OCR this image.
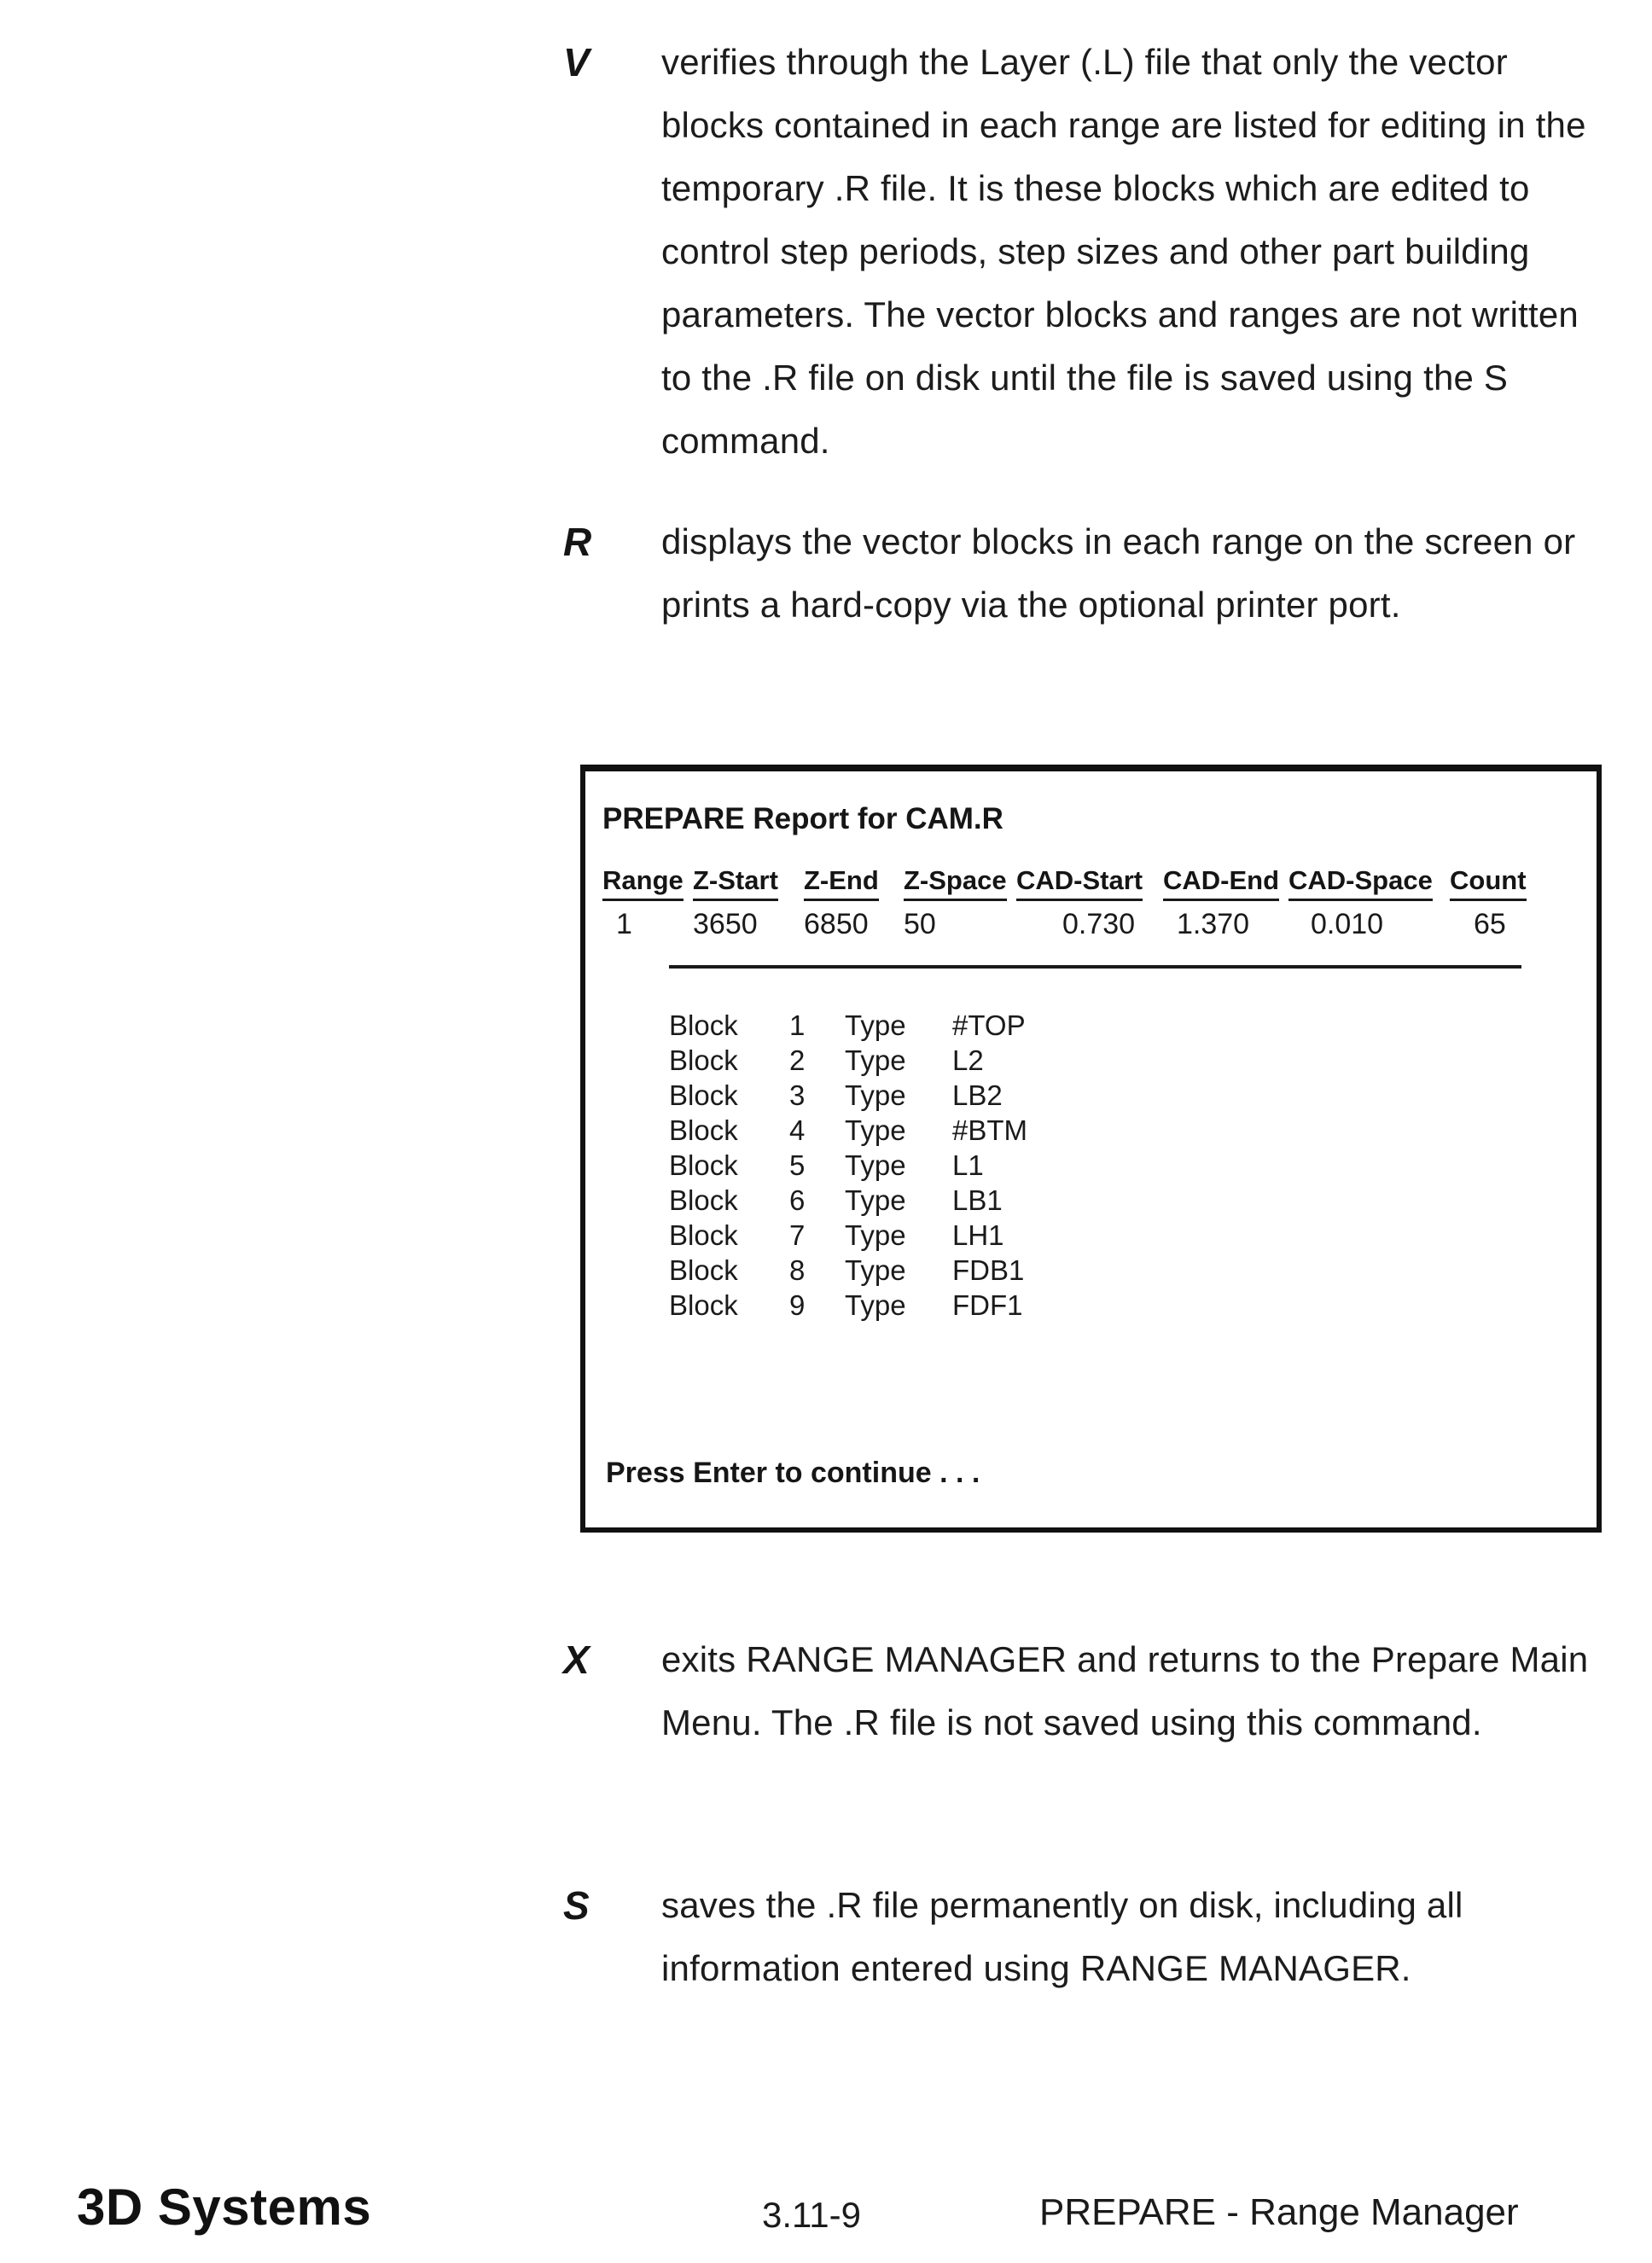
V	verifies through the Layer (.L) file that only the vector blocks contained in each range are listed for editing in the temporary .R file. It is these blocks which are edited to control step periods, step sizes and other part building parameters. The vector blocks and ranges are not written to the .R file on disk until the file is saved using the S command.

R	displays the vector blocks in each range on the screen or prints a hard-copy via the optional printer port.

PREPARE Report for CAM.R
Range Z-Start Z-End Z-Space CAD-Start CAD-End CAD-Space Count
1	3650	6850	50	0.730	1.370	0.010	65
Block	1	Type	#TOP
Block	2	Type	L2
Block	3	Type	LB2
Block	4	Type	#BTM
Block	5	Type	L1
Block	6	Type	LB1
Block	7	Type	LH1
Block	8	Type	FDB1
Block	9	Type	FDF1
Press Enter to continue . . .
X	exits RANGE MANAGER and returns to the Prepare Main Menu. The .R file is not saved using this command.

S	saves the .R file permanently on disk, including all information entered using RANGE MANAGER.

3D Systems	3.11-9	PREPARE - Range Manager
